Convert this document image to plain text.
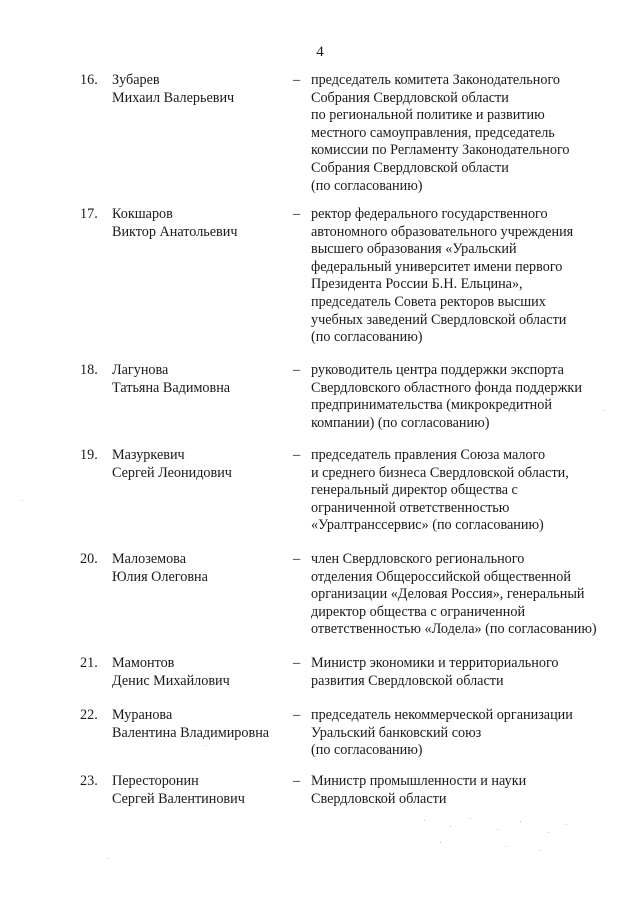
4
16. Зубарев
Михаил Валерьевич
– председатель комитета Законодательного
Собрания Свердловской области
по региональной политике и развитию
местного самоуправления, председатель
комиссии по Регламенту Законодательного
Собрания Свердловской области
(по согласованию)
17. Кокшаров
Виктор Анатольевич
– ректор федерального государственного
автономного образовательного учреждения
высшего образования «Уральский
федеральный университет имени первого
Президента России Б.Н. Ельцина»,
председатель Совета ректоров высших
учебных заведений Свердловской области
(по согласованию)
18. Лагунова
Татьяна Вадимовна
– руководитель центра поддержки экспорта
Свердловского областного фонда поддержки
предпринимательства (микрокредитной
компании) (по согласованию)
19. Мазуркевич
Сергей Леонидович
– председатель правления Союза малого
и среднего бизнеса Свердловской области,
генеральный директор общества с
ограниченной ответственностью
«Уралтранссервис» (по согласованию)
20. Малоземова
Юлия Олеговна
– член Свердловского регионального
отделения Общероссийской общественной
организации «Деловая Россия», генеральный
директор общества с ограниченной
ответственностью «Лодела» (по согласованию)
21. Мамонтов
Денис Михайлович
– Министр экономики и территориального
развития Свердловской области
22. Муранова
Валентина Владимировна
– председатель некоммерческой организации
Уральский банковский союз
(по согласованию)
23. Пересторонин
Сергей Валентинович
– Министр промышленности и науки
Свердловской области
